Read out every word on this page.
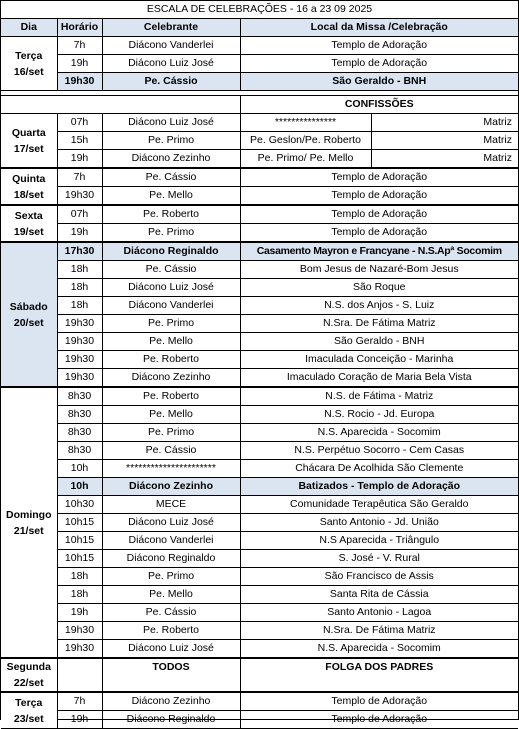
ESCALA DE CELEBRAÇÕES - 16 a 23 09 2025
Dia	Horário	Celebrante	Local da Missa /Celebração	
Terça
16/set	7h	Diácono Vanderlei	Templo de Adoração	
	19h	Diácono Luiz José	Templo de Adoração	
	19h30	Pe. Cássio	São Geraldo - BNH	

			CONFISSÕES	
Quarta
17/set	07h	Diácono Luiz José	***************	Matriz
	15h	Pe. Primo	Pe. Geslon/Pe. Roberto	Matriz
	19h	Diácono Zezinho	Pe. Primo/ Pe. Mello	Matriz
Quinta
18/set	7h	Pe. Cássio	Templo de Adoração	
	19h30	Pe. Mello	Templo de Adoração	
Sexta
19/set	07h	Pe. Roberto	Templo de Adoração	
	19h	Pe. Primo	Templo de Adoração	
Sábado
20/set	17h30	Diácono Reginaldo	Casamento Mayron e Francyane - N.S.Apª Socomim	
	18h	Pe. Cássio	Bom Jesus de Nazaré-Bom Jesus	
	18h	Diácono Luiz José	São Roque	
	18h	Diácono Vanderlei	N.S. dos Anjos - S. Luiz	
	19h30	Pe. Primo	N.Sra. De Fátima Matriz	
	19h30	Pe. Mello	São Geraldo - BNH	
	19h30	Pe. Roberto	Imaculada Conceição - Marinha	
	19h30	Diácono Zezinho	Imaculado Coração de Maria Bela Vista	
Domingo
21/set	8h30	Pe. Roberto	N.S. de Fátima - Matriz	
	8h30	Pe. Mello	N.S. Rocio - Jd. Europa	
	8h30	Pe. Primo	N.S. Aparecida - Socomim	
	8h30	Pe. Cássio	N.S. Perpétuo Socorro - Cem Casas	
	10h	**********************	Chácara De Acolhida São Clemente	
	10h	Diácono Zezinho	Batizados - Templo de Adoração	
	10h30	MECE	Comunidade Terapêutica São Geraldo	
	10h15	Diácono Luiz José	Santo Antonio - Jd. União	
	10h15	Diácono Vanderlei	N.S Aparecida - Triângulo	
	10h15	Diácono Reginaldo	S. José - V. Rural	
	18h	Pe. Primo	São Francisco de Assis	
	18h	Pe. Mello	Santa Rita de Cássia	
	19h	Pe. Cássio	Santo Antonio - Lagoa	
	19h30	Pe. Roberto	N.Sra. De Fátima Matriz	
	19h30	Diácono Luiz José	N.S. Aparecida - Socomim	
Segunda
22/set		TODOS	FOLGA DOS PADRES	

Terça
23/set	7h	Diácono Zezinho	Templo de Adoração	
	19h	Diácono Reginaldo	Templo de Adoração	
